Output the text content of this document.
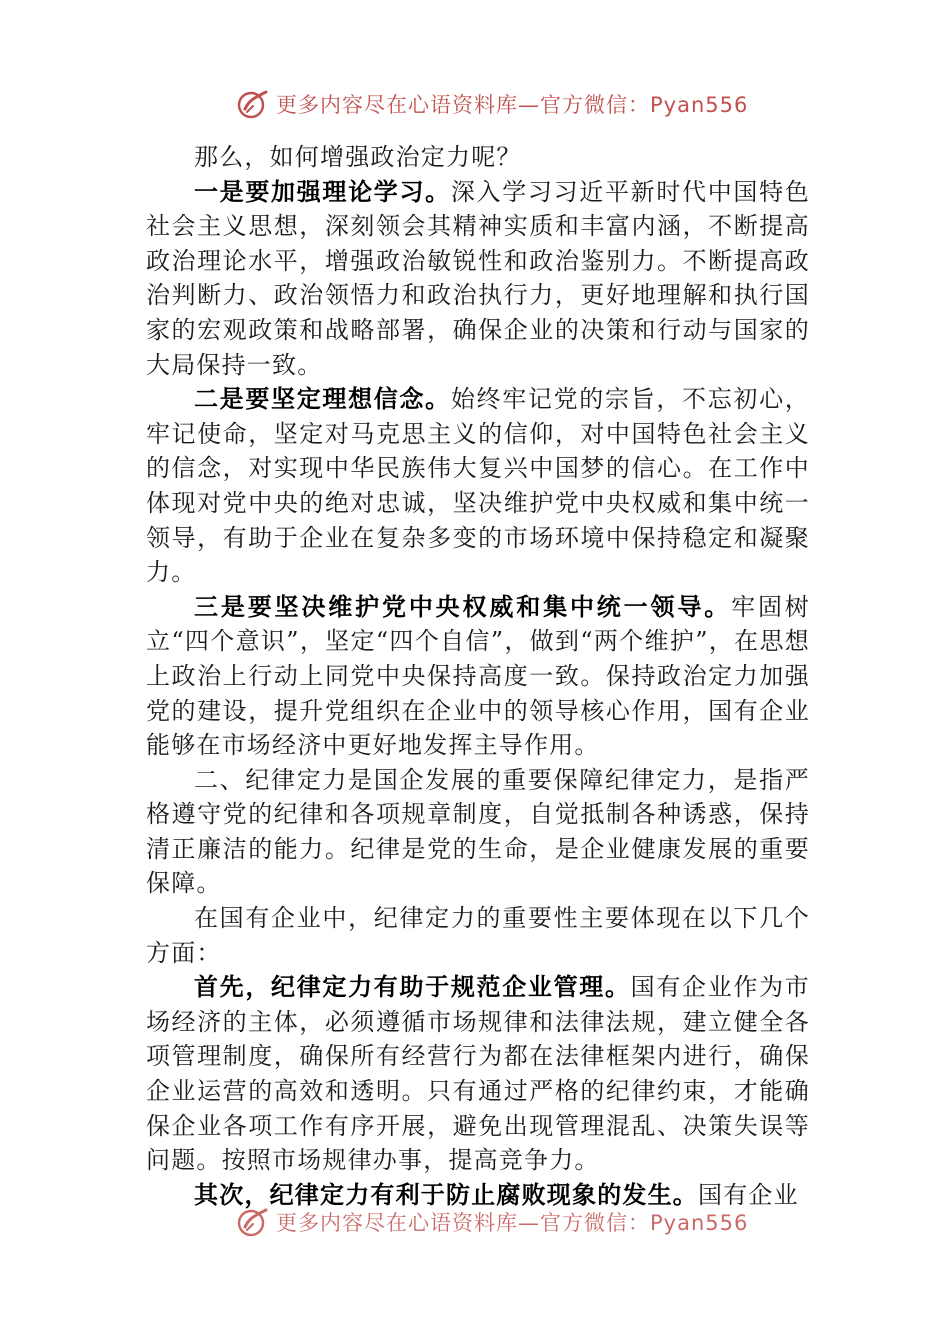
更多内容尽在心语资料库—官方微信：Pyan556

那么，如何增强政治定力呢？

一是要加强理论学习。深入学习习近平新时代中国特色社会主义思想，深刻领会其精神实质和丰富内涵，不断提高政治理论水平，增强政治敏锐性和政治鉴别力。不断提高政治判断力、政治领悟力和政治执行力，更好地理解和执行国家的宏观政策和战略部署，确保企业的决策和行动与国家的大局保持一致。

二是要坚定理想信念。始终牢记党的宗旨，不忘初心，牢记使命，坚定对马克思主义的信仰，对中国特色社会主义的信念，对实现中华民族伟大复兴中国梦的信心。在工作中体现对党中央的绝对忠诚，坚决维护党中央权威和集中统一领导，有助于企业在复杂多变的市场环境中保持稳定和凝聚力。

三是要坚决维护党中央权威和集中统一领导。牢固树立“四个意识”，坚定“四个自信”，做到“两个维护”，在思想上政治上行动上同党中央保持高度一致。保持政治定力加强党的建设，提升党组织在企业中的领导核心作用，国有企业能够在市场经济中更好地发挥主导作用。

二、纪律定力是国企发展的重要保障纪律定力，是指严格遵守党的纪律和各项规章制度，自觉抵制各种诱惑，保持清正廉洁的能力。纪律是党的生命，是企业健康发展的重要保障。

在国有企业中，纪律定力的重要性主要体现在以下几个方面：

首先，纪律定力有助于规范企业管理。国有企业作为市场经济的主体，必须遵循市场规律和法律法规，建立健全各项管理制度，确保所有经营行为都在法律框架内进行，确保企业运营的高效和透明。只有通过严格的纪律约束，才能确保企业各项工作有序开展，避免出现管理混乱、决策失误等问题。按照市场规律办事，提高竞争力。

其次，纪律定力有利于防止腐败现象的发生。国有企业

更多内容尽在心语资料库—官方微信：Pyan556
